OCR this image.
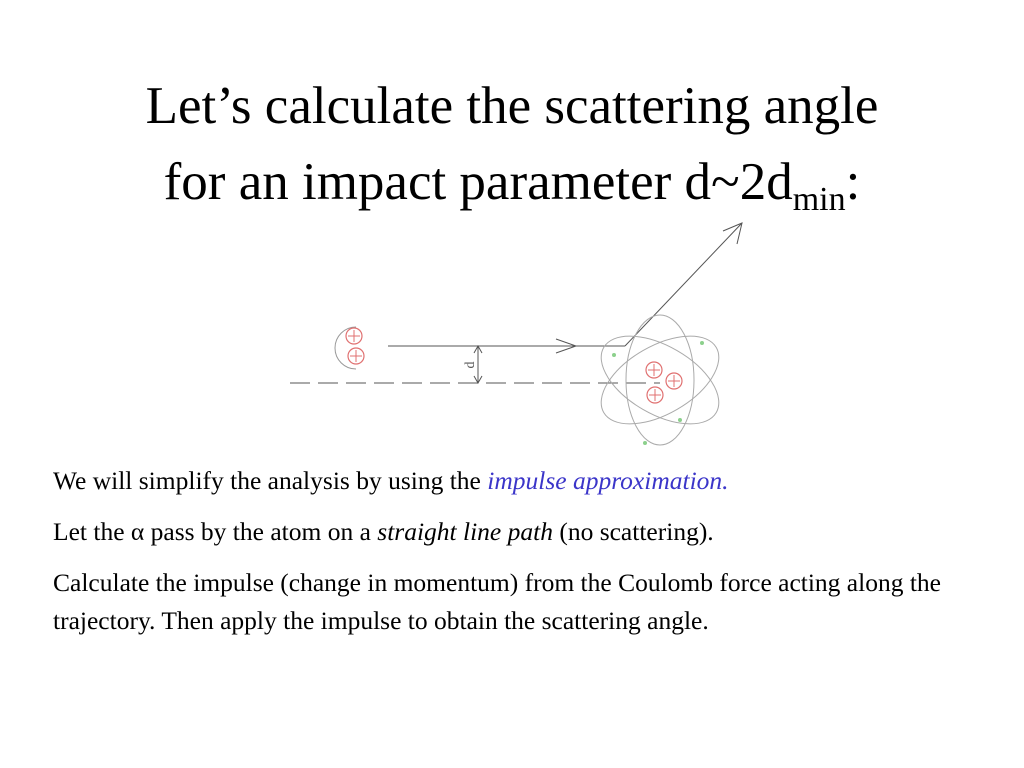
Let’s calculate the scattering angle
for an impact parameter $d\sim 2d_{min}$:
d

We will simplify the analysis by using the impulse approximation.

Let the α pass by the atom on a straight line path (no scattering).

Calculate the impulse (change in momentum) from the Coulomb force acting along the trajectory. Then apply the impulse to obtain the scattering angle.
